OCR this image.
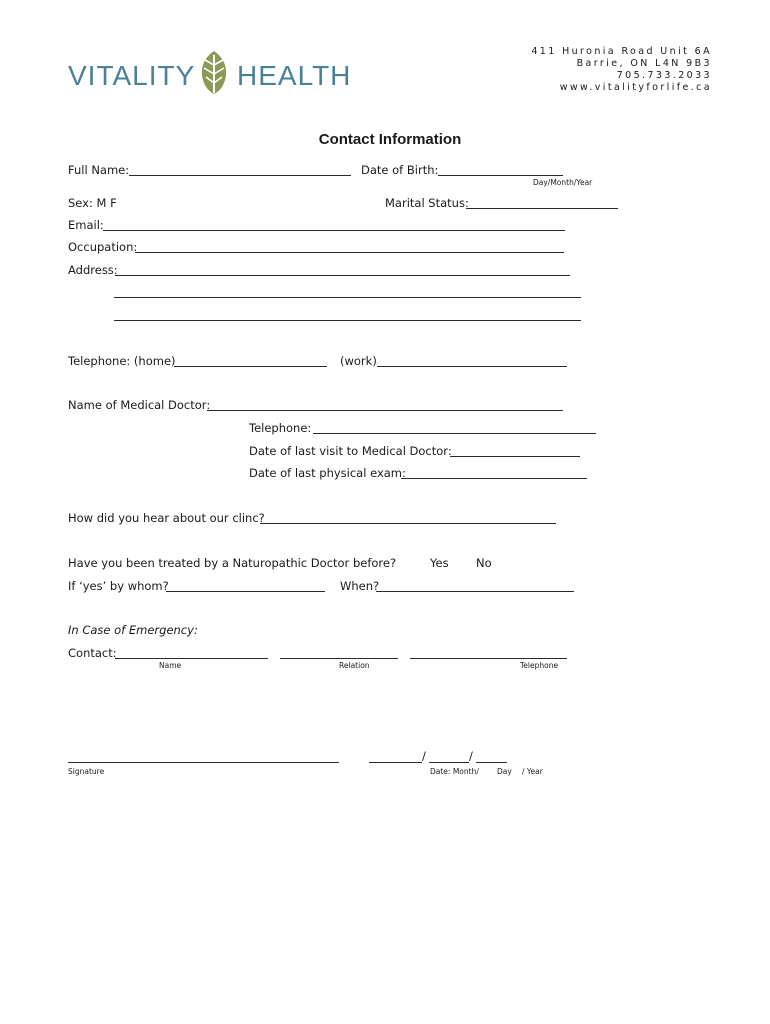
VITALITY HEALTH
411 Huronia Road Unit 6A
Barrie, ON L4N 9B3
705.733.2033
www.vitalityforlife.ca
Contact Information
Full Name:	Date of Birth:
Day/Month/Year
Sex: M F	Marital Status:
Email:
Occupation:
Address:
Telephone: (home)	(work)
Name of Medical Doctor:
Telephone:
Date of last visit to Medical Doctor:
Date of last physical exam:
How did you hear about our clinc?
Have you been treated by a Naturopathic Doctor before?	Yes No
If ‘yes’ by whom?	When?
In Case of Emergency:
Contact:
Name	Relation	Telephone
Signature
/	/
Date: Month/ Day / Year
